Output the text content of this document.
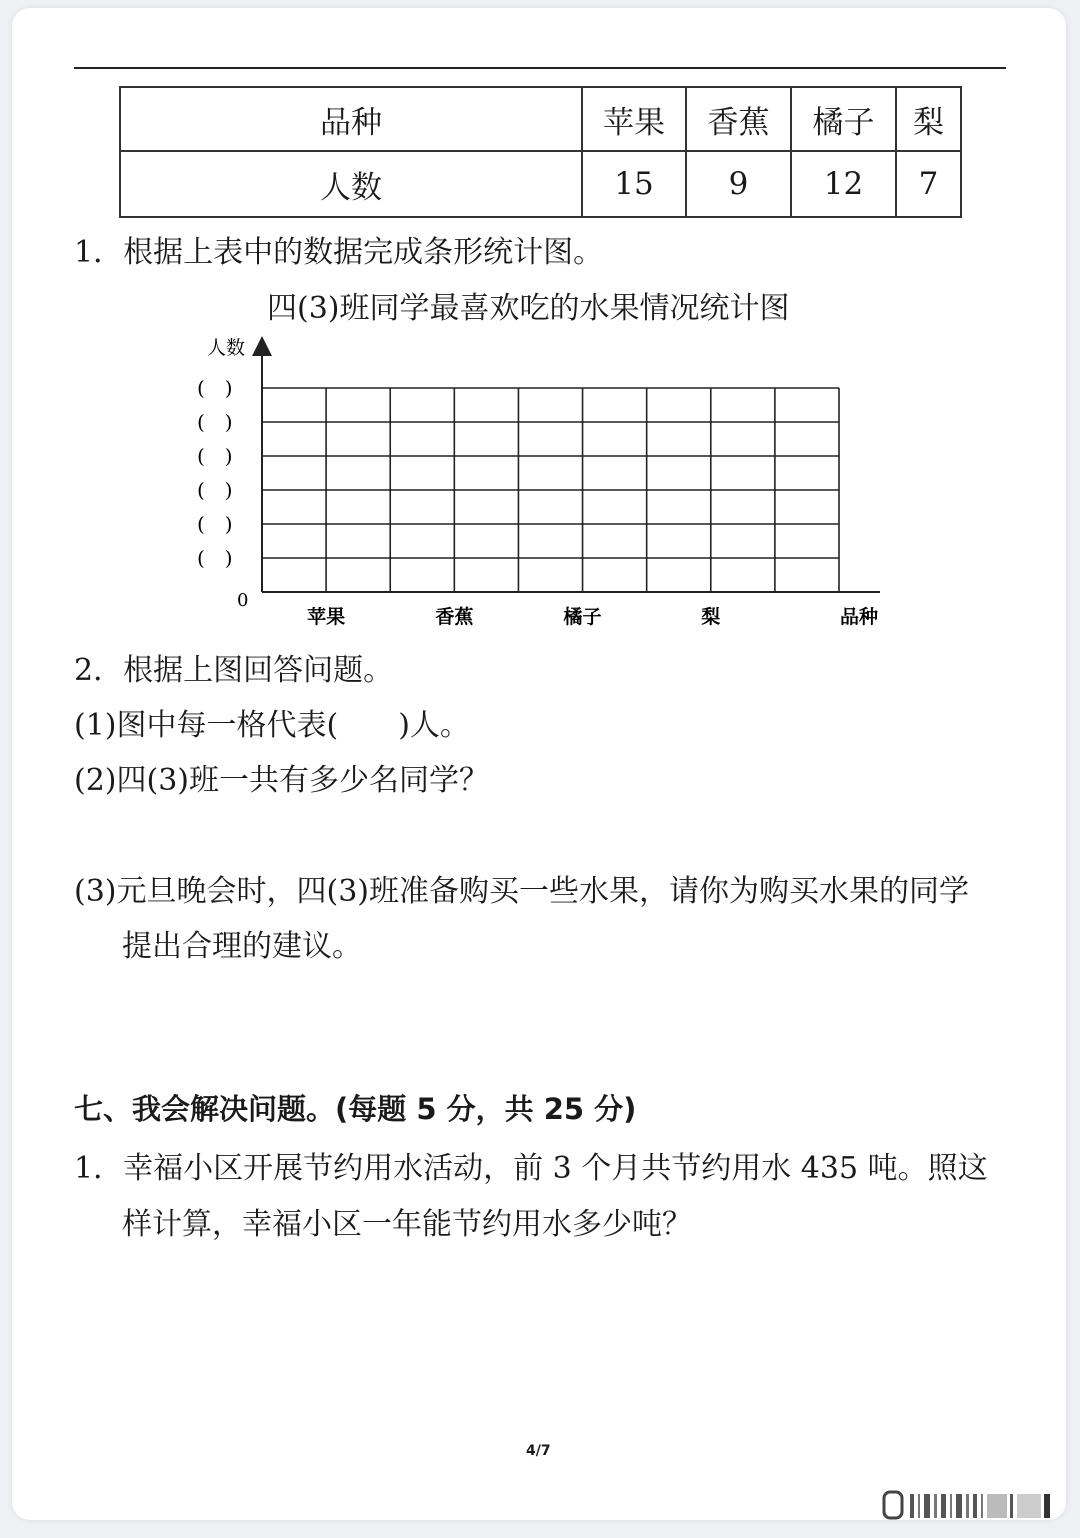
品种	苹果	香蕉	橘子	梨
人数	15	9	12	7
1．根据上表中的数据完成条形统计图。
四(3)班同学最喜欢吃的水果情况统计图
人数
(　)
(　)
(　)
(　)
(　)
(　)
0
苹果	香蕉	橘子	梨	品种
2．根据上图回答问题。
(1)图中每一格代表(　　)人。
(2)四(3)班一共有多少名同学？
(3)元旦晚会时，四(3)班准备购买一些水果，请你为购买水果的同学
提出合理的建议。
七、我会解决问题。(每题 5 分，共 25 分)
1．幸福小区开展节约用水活动，前 3 个月共节约用水 435 吨。照这
样计算，幸福小区一年能节约用水多少吨？
4/7
